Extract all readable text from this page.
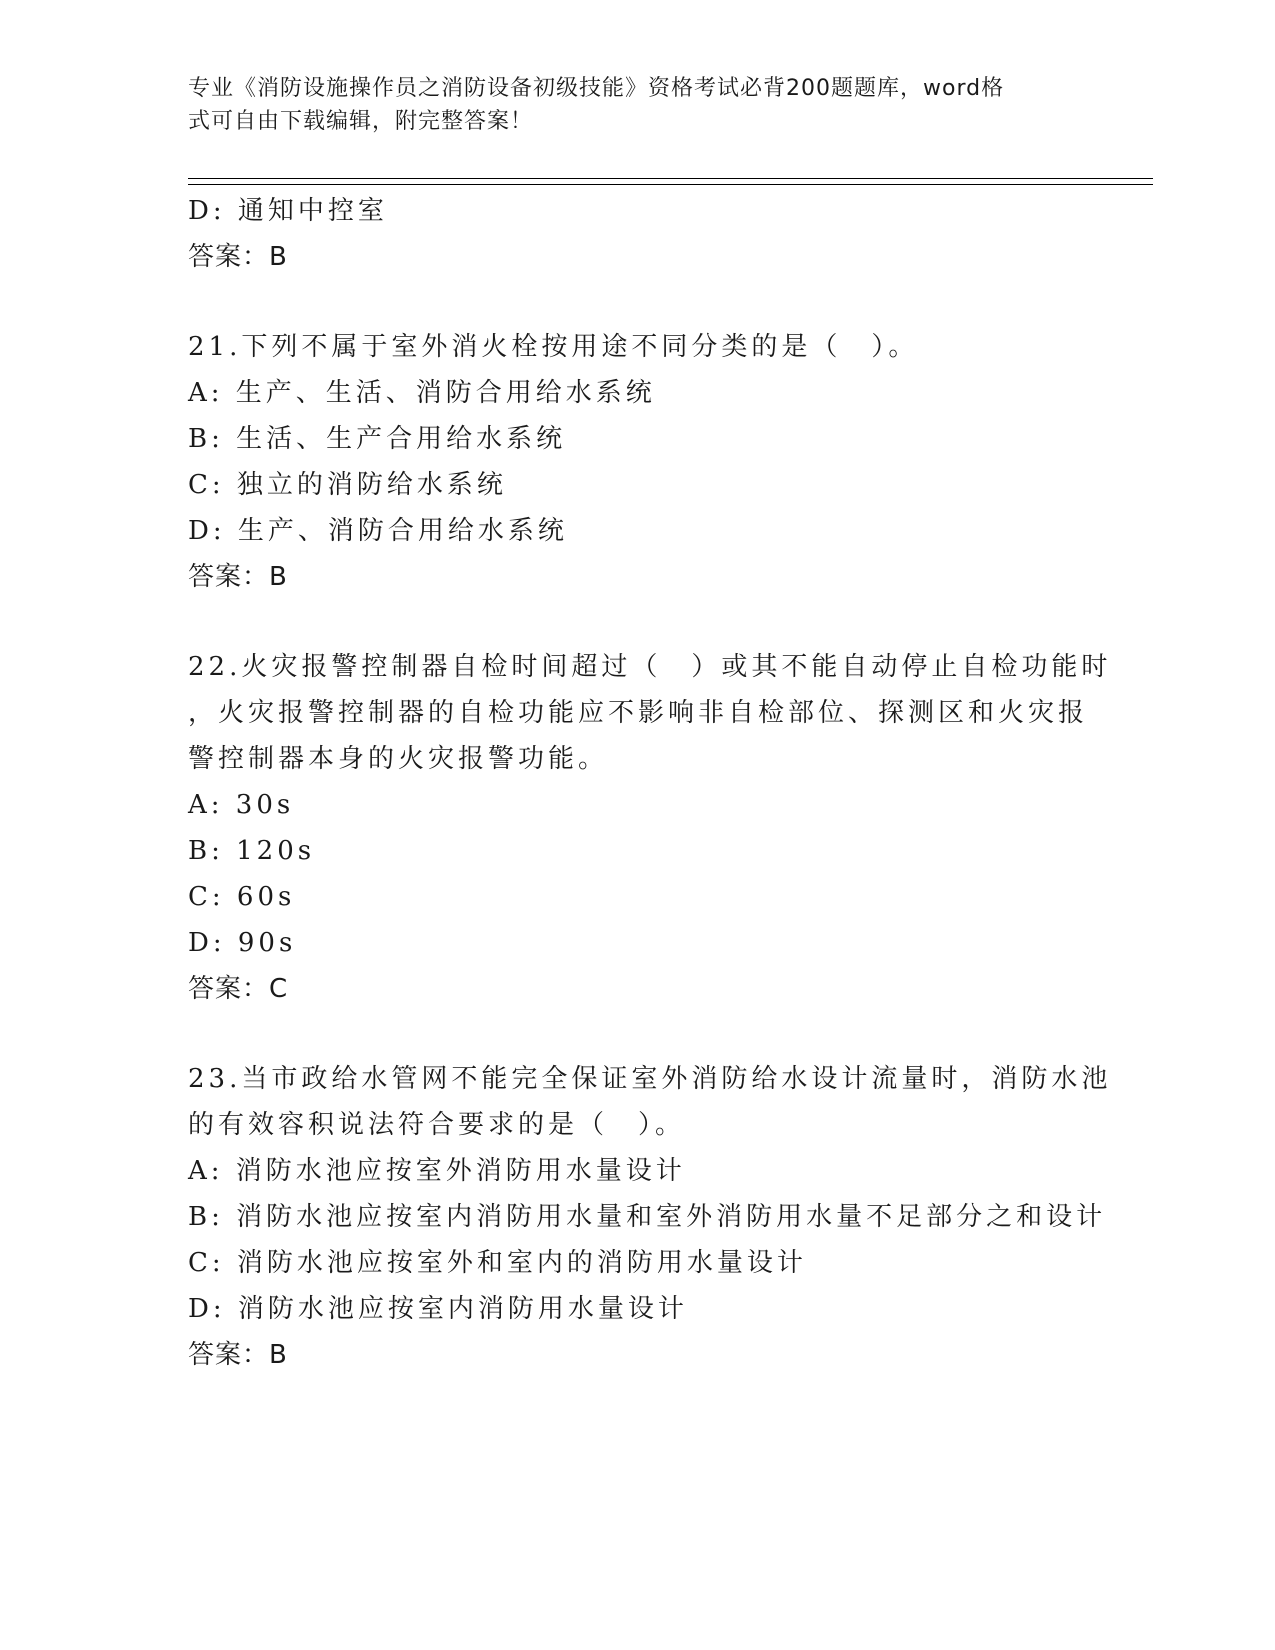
专业《消防设施操作员之消防设备初级技能》资格考试必背200题题库，word格
式可自由下载编辑，附完整答案！

D: 通知中控室

答案：B

21.下列不属于室外消火栓按用途不同分类的是（　）。

A: 生产、生活、消防合用给水系统

B: 生活、生产合用给水系统

C: 独立的消防给水系统

D: 生产、消防合用给水系统

答案：B

22.火灾报警控制器自检时间超过（　）或其不能自动停止自检功能时

，火灾报警控制器的自检功能应不影响非自检部位、探测区和火灾报

警控制器本身的火灾报警功能。

A: 30s

B: 120s

C: 60s

D: 90s

答案：C

23.当市政给水管网不能完全保证室外消防给水设计流量时，消防水池

的有效容积说法符合要求的是（　）。

A: 消防水池应按室外消防用水量设计

B: 消防水池应按室内消防用水量和室外消防用水量不足部分之和设计

C: 消防水池应按室外和室内的消防用水量设计

D: 消防水池应按室内消防用水量设计

答案：B
